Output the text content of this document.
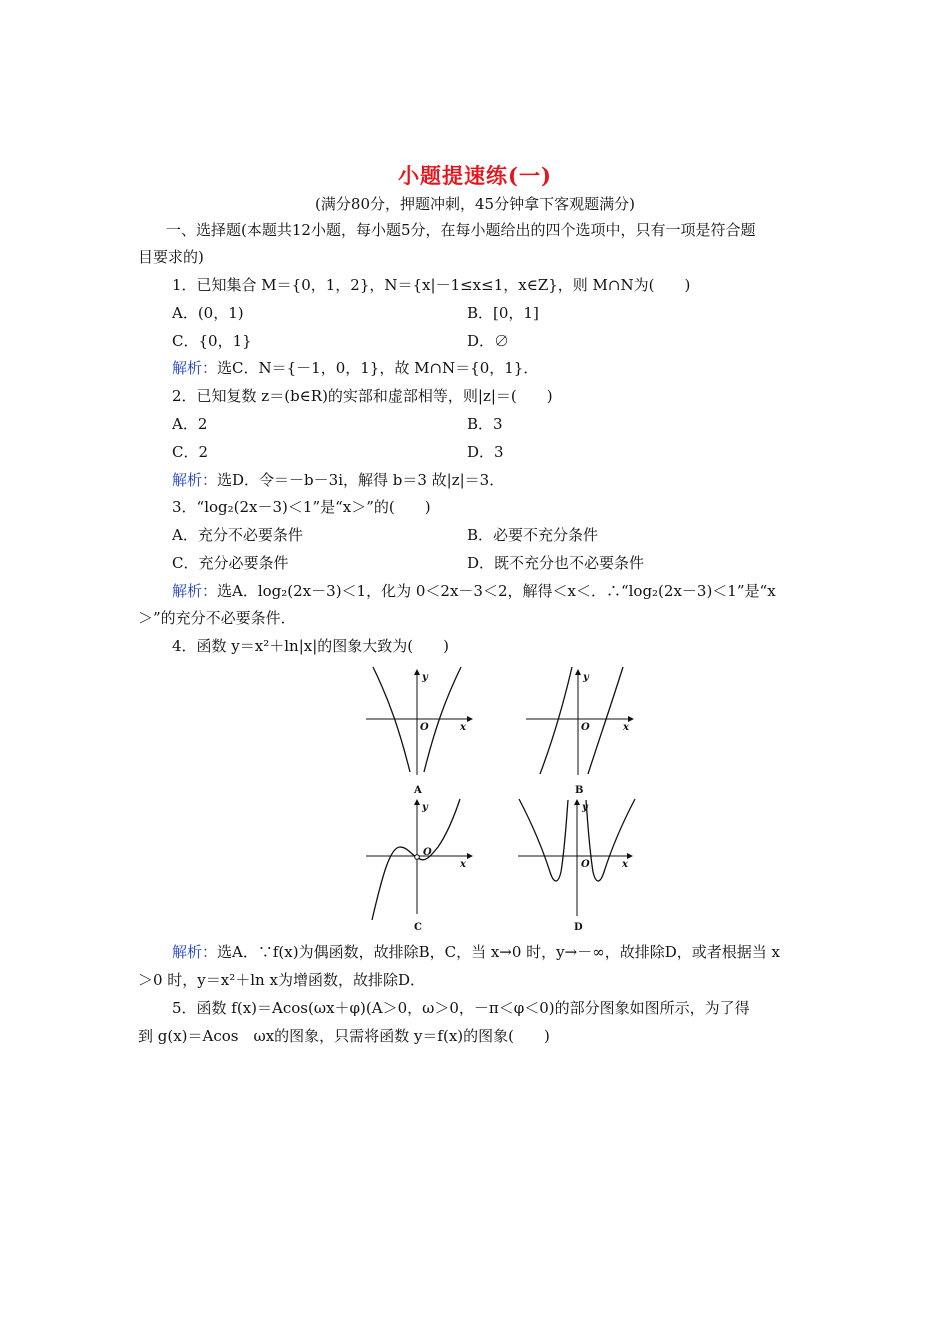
小题提速练(一)
(满分80分，押题冲刺，45分钟拿下客观题满分)
一、选择题(本题共12小题，每小题5分，在每小题给出的四个选项中，只有一项是符合题
目要求的)
1．已知集合 M＝{0，1，2}，N＝{x|－1≤x≤1，x∈Z}，则 M∩N为(　　)
A．(0，1)	B．[0，1]
C．{0，1}	D．∅
解析：选C．N＝{－1，0，1}，故 M∩N＝{0，1}．
2．已知复数 z＝(b∈R)的实部和虚部相等，则|z|＝(　　)
A．2	B．3
C．2	D．3
解析：选D．令＝－b－3i，解得 b＝3 故|z|＝3．
3．“log₂(2x－3)＜1”是“x＞”的(　　)
A．充分不必要条件	B．必要不充分条件
C．充分必要条件	D．既不充分也不必要条件
解析：选A．log₂(2x－3)＜1，化为 0＜2x－3＜2，解得＜x＜．∴“log₂(2x－3)＜1”是“x
＞”的充分不必要条件．
4．函数 y＝x²＋ln|x|的图象大致为(　　)
y
x
O
A
y
x
O
B
y
x
O
C
y
x
O
D
解析：选A．∵f(x)为偶函数，故排除B，C，当 x→0 时，y→－∞，故排除D，或者根据当 x
＞0 时，y＝x²＋ln x为增函数，故排除D．
5．函数 f(x)＝Acos(ωx＋φ)(A＞0，ω＞0，－π＜φ＜0)的部分图象如图所示，为了得
到 g(x)＝Acos　ωx的图象，只需将函数 y＝f(x)的图象(　　)
